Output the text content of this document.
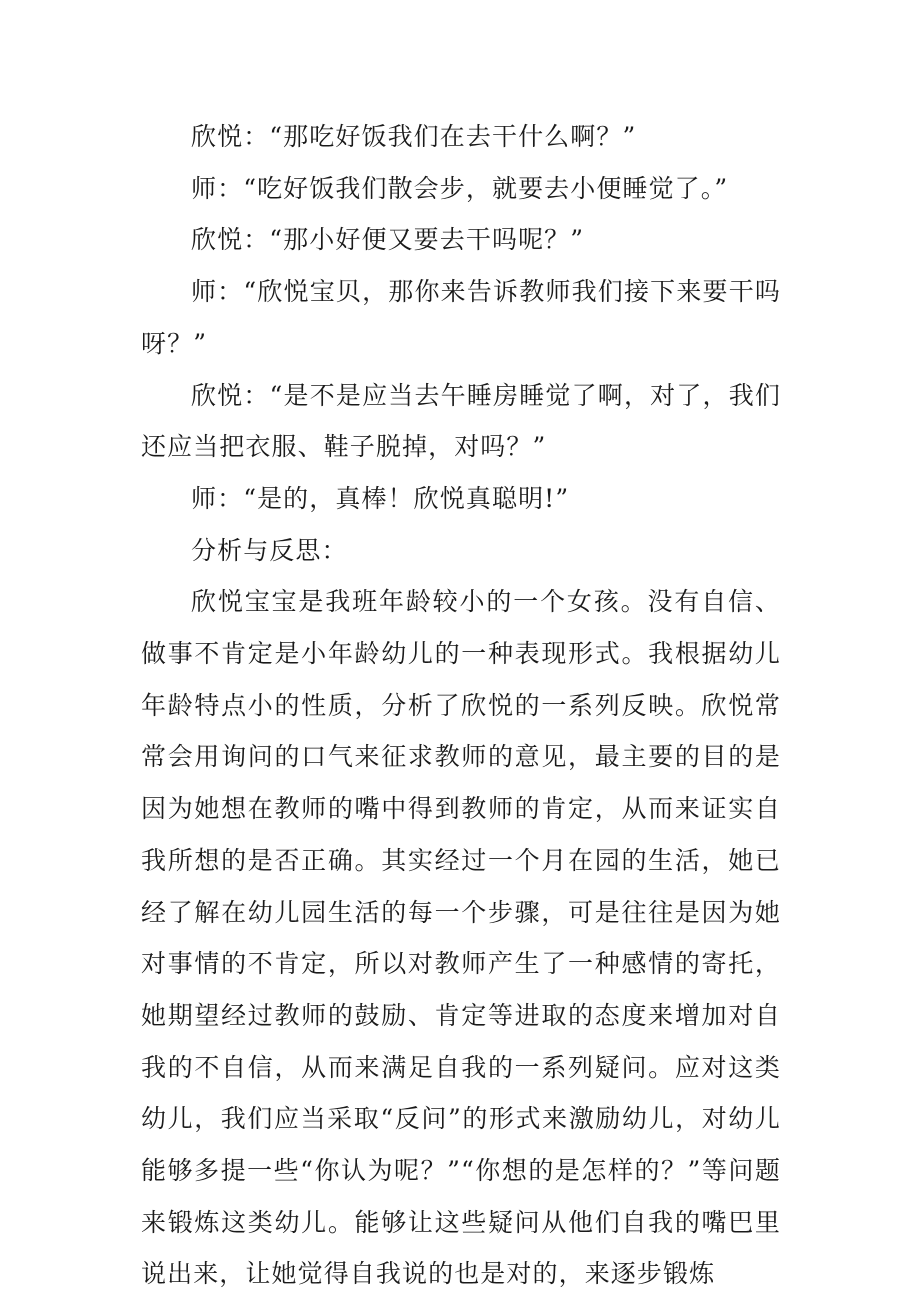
欣悦：“那吃好饭我们在去干什么啊？”

师：“吃好饭我们散会步，就要去小便睡觉了。”

欣悦：“那小好便又要去干吗呢？”

师：“欣悦宝贝，那你来告诉教师我们接下来要干吗呀？”

欣悦：“是不是应当去午睡房睡觉了啊，对了，我们还应当把衣服、鞋子脱掉，对吗？”

师：“是的，真棒！欣悦真聪明!”

分析与反思：

欣悦宝宝是我班年龄较小的一个女孩。没有自信、做事不肯定是小年龄幼儿的一种表现形式。我根据幼儿年龄特点小的性质，分析了欣悦的一系列反映。欣悦常常会用询问的口气来征求教师的意见，最主要的目的是因为她想在教师的嘴中得到教师的肯定，从而来证实自我所想的是否正确。其实经过一个月在园的生活，她已经了解在幼儿园生活的每一个步骤，可是往往是因为她对事情的不肯定，所以对教师产生了一种感情的寄托，她期望经过教师的鼓励、肯定等进取的态度来增加对自我的不自信，从而来满足自我的一系列疑问。应对这类幼儿，我们应当采取“反问”的形式来激励幼儿，对幼儿能够多提一些“你认为呢？”“你想的是怎样的？”等问题来锻炼这类幼儿。能够让这些疑问从他们自我的嘴巴里说出来，让她觉得自我说的也是对的，来逐步锻炼
